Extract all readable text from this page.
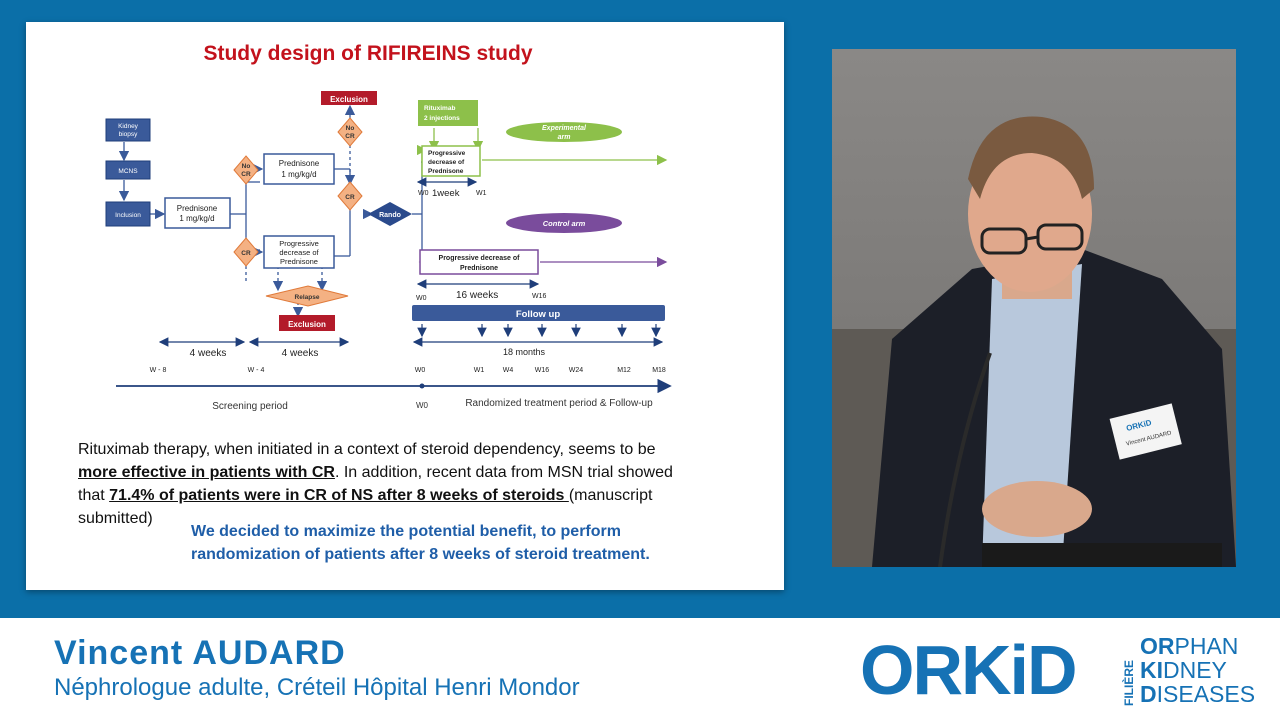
Study design of RIFIREINS study
Exclusion
Kidney
biopsy
MCNS
Inclusion
Prednisone
1 mg/kg/d
No
CR
CR
Prednisone
1 mg/kg/d
Progressive
decrease of
Prednisone
No
CR
CR
Relapse
Exclusion
Rando
Rituximab
2 injections
Experimental
arm
Progressive
decrease of
Prednisone
W0 1week W1
Control arm
Progressive decrease of
Prednisone
W0	16 weeks	W16
Follow up
18 months
4 weeks	4 weeks
W - 8	W - 4	W0	W1	W4	W16	W24	M12	M18
Screening period	W0	Randomized treatment period & Follow-up
Rituximab therapy, when initiated in a context of steroid dependency, seems to be
more effective in patients with CR. In addition, recent data from MSN trial showed
that 71.4% of patients were in CR of NS after 8 weeks of steroids (manuscript
submitted)
We decided to maximize the potential benefit, to perform randomization of patients after 8 weeks of steroid treatment.
ORKiD
Vincent AUDARD
Vincent AUDARD
Néphrologue adulte, Créteil Hôpital Henri Mondor	ORKiD	FILIÈRE
ORPHAN
KIDNEY
DISEASES
